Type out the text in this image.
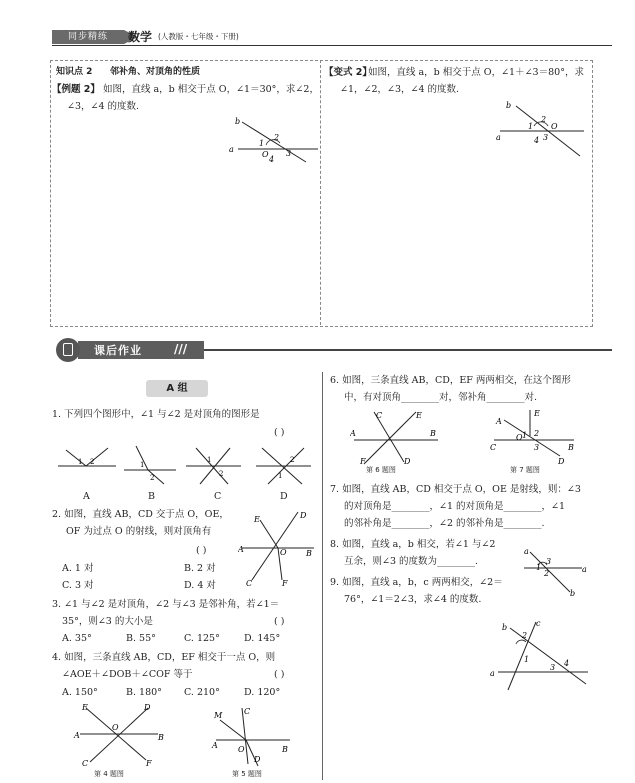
同步精练	数学 (人教版・七年级・下册)
知识点 2 邻补角、对顶角的性质
【例题 2】 如图，直线 a，b 相交于点 O，∠1＝30°，求∠2，
∠3，∠4 的度数.
【变式 2】
如图，直线 a，b 相交于点 O，∠1＋∠3＝80°，求
∠1，∠2，∠3，∠4 的度数.
a
b
1
2
3
4
O
a
b
1
2
3
4
O
课后作业	///
A 组
1. 下列四个图形中，∠1 与∠2 是对顶角的图形是
( )
1 2	1
2
1
2
2
1
A	B	C	D
2. 如图，直线 AB，CD 交于点 O，OE，
OF 为过点 O 的射线，则对顶角有
( )
A. 1 对	B. 2 对
C. 3 对	D. 4 对
A	B
D
C
E
F
O
3. ∠1 与∠2 是对顶角，∠2 与∠3 是邻补角，若∠1＝
35°，则∠3 的大小是	( )
A. 35°	B. 55°	C. 125°	D. 145°
4. 如图，三条直线 AB，CD，EF 相交于一点 O，则
∠AOE＋∠DOB＋∠COF 等于	( )
A. 150°	B. 180° C. 210°	D. 120°
A	B
E	D
C	F
O
第 4 题图
M	C
A	B
O
D
第 5 题图
6. 如图，三条直线 AB，CD，EF 两两相交，在这个图形
中，有对顶角________对，邻补角________对.
C	E
A	B
F	D
第 6 题图
E
A
C	B
D
1 2
3
O
第 7 题图
7. 如图，直线 AB，CD 相交于点 O，OE 是射线，则：∠3
的对顶角是________，∠1 的对顶角是________，∠1
的邻补角是________，∠2 的邻补角是________.
8. 如图，直线 a，b 相交，若∠1 与∠2
互余，则∠3 的度数为________.
a
a
b
1
3
2
9. 如图，直线 a，b，c 两两相交，∠2＝
76°，∠1＝2∠3，求∠4 的度数.
b	c
a
2
1
3 4
